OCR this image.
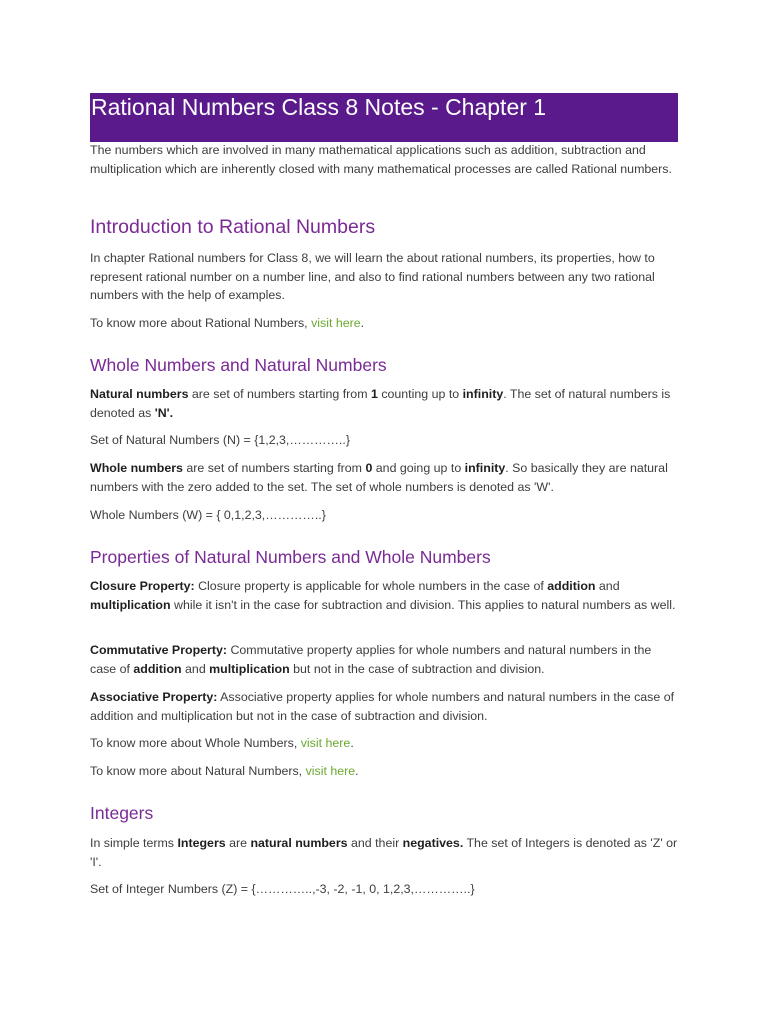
Rational Numbers Class 8 Notes - Chapter 1

The numbers which are involved in many mathematical applications such as addition, subtraction and multiplication which are inherently closed with many mathematical processes are called Rational numbers.

Introduction to Rational Numbers

In chapter Rational numbers for Class 8, we will learn the about rational numbers, its properties, how to represent rational number on a number line, and also to find rational numbers between any two rational numbers with the help of examples.

To know more about Rational Numbers, visit here.

Whole Numbers and Natural Numbers

Natural numbers are set of numbers starting from 1 counting up to infinity. The set of natural numbers is denoted as 'N'.

Set of Natural Numbers (N) = {1,2,3,…………..}

Whole numbers are set of numbers starting from 0 and going up to infinity. So basically they are natural numbers with the zero added to the set. The set of whole numbers is denoted as 'W'.

Whole Numbers (W) = { 0,1,2,3,…………..}

Properties of Natural Numbers and Whole Numbers

Closure Property: Closure property is applicable for whole numbers in the case of addition and multiplication while it isn't in the case for subtraction and division. This applies to natural numbers as well.

Commutative Property: Commutative property applies for whole numbers and natural numbers in the case of addition and multiplication but not in the case of subtraction and division.

Associative Property: Associative property applies for whole numbers and natural numbers in the case of addition and multiplication but not in the case of subtraction and division.

To know more about Whole Numbers, visit here.

To know more about Natural Numbers, visit here.

Integers

In simple terms Integers are natural numbers and their negatives. The set of Integers is denoted as 'Z' or 'I'.

Set of Integer Numbers (Z) = {…………..,-3, -2, -1, 0, 1,2,3,…………..}
